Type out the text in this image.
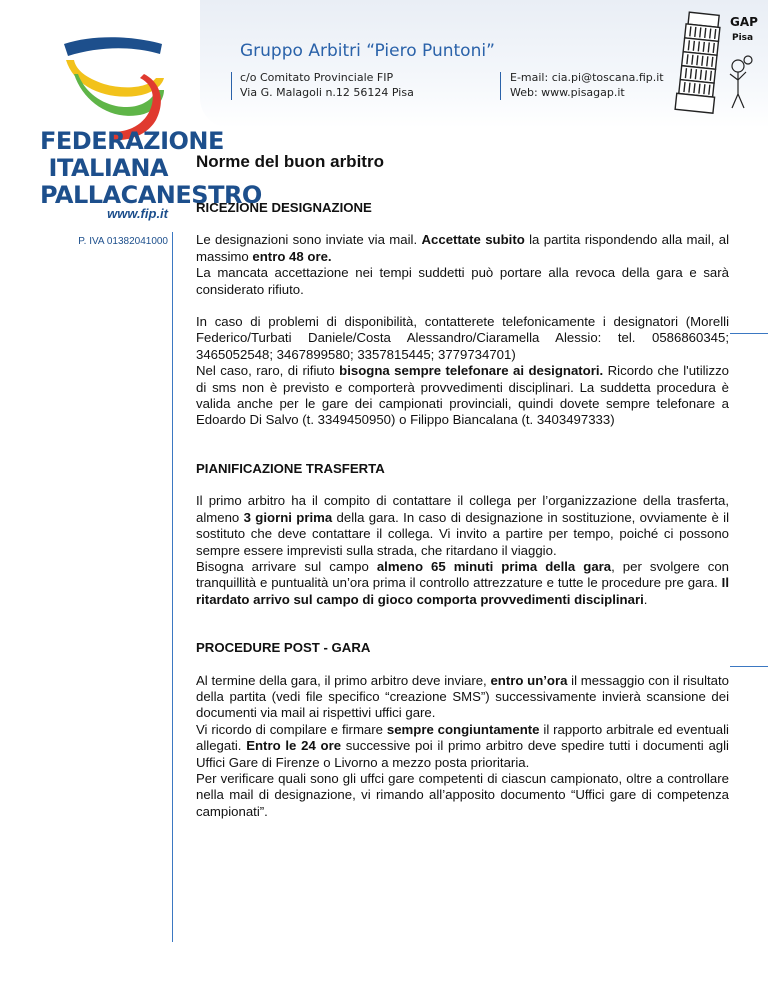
FEDERAZIONE
ITALIANA
PALLACANESTRO
www.fip.it
P. IVA 01382041000
Gruppo Arbitri “Piero Puntoni”
c/o Comitato Provinciale FIP
Via G. Malagoli n.12 56124 Pisa
E-mail: cia.pi@toscana.fip.it
Web: www.pisagap.it
GAP
Pisa
Norme del buon arbitro
RICEZIONE DESIGNAZIONE

Le designazioni sono inviate via mail. Accettate subito la partita rispondendo alla mail, al massimo entro 48 ore.
La mancata accettazione nei tempi suddetti può portare alla revoca della gara e sarà considerato rifiuto.

In caso di problemi di disponibilità, contatterete telefonicamente i designatori (Morelli Federico/Turbati Daniele/Costa Alessandro/Ciaramella Alessio: tel. 0586860345; 3465052548; 3467899580; 3357815445; 3779734701)
Nel caso, raro, di rifiuto bisogna sempre telefonare ai designatori. Ricordo che l'utilizzo di sms non è previsto e comporterà provvedimenti disciplinari. La suddetta procedura è valida anche per le gare dei campionati provinciali, quindi dovete sempre telefonare a Edoardo Di Salvo (t. 3349450950) o Filippo Biancalana (t. 3403497333)

PIANIFICAZIONE TRASFERTA

Il primo arbitro ha il compito di contattare il collega per l’organizzazione della trasferta, almeno 3 giorni prima della gara. In caso di designazione in sostituzione, ovviamente è il sostituto che deve contattare il collega. Vi invito a partire per tempo, poiché ci possono sempre essere imprevisti sulla strada, che ritardano il viaggio.
Bisogna arrivare sul campo almeno 65 minuti prima della gara, per svolgere con tranquillità e puntualità un’ora prima il controllo attrezzature e tutte le procedure pre gara. Il ritardato arrivo sul campo di gioco comporta provvedimenti disciplinari.

PROCEDURE POST - GARA

Al termine della gara, il primo arbitro deve inviare, entro un’ora il messaggio con il risultato della partita (vedi file specifico “creazione SMS”) successivamente invierà scansione dei documenti via mail ai rispettivi uffici gare.
Vi ricordo di compilare e firmare sempre congiuntamente il rapporto arbitrale ed eventuali allegati. Entro le 24 ore successive poi il primo arbitro deve spedire tutti i documenti agli Uffici Gare di Firenze o Livorno a mezzo posta prioritaria.
Per verificare quali sono gli uffci gare competenti di ciascun campionato, oltre a controllare nella mail di designazione, vi rimando all’apposito documento “Uffici gare di competenza campionati”.
